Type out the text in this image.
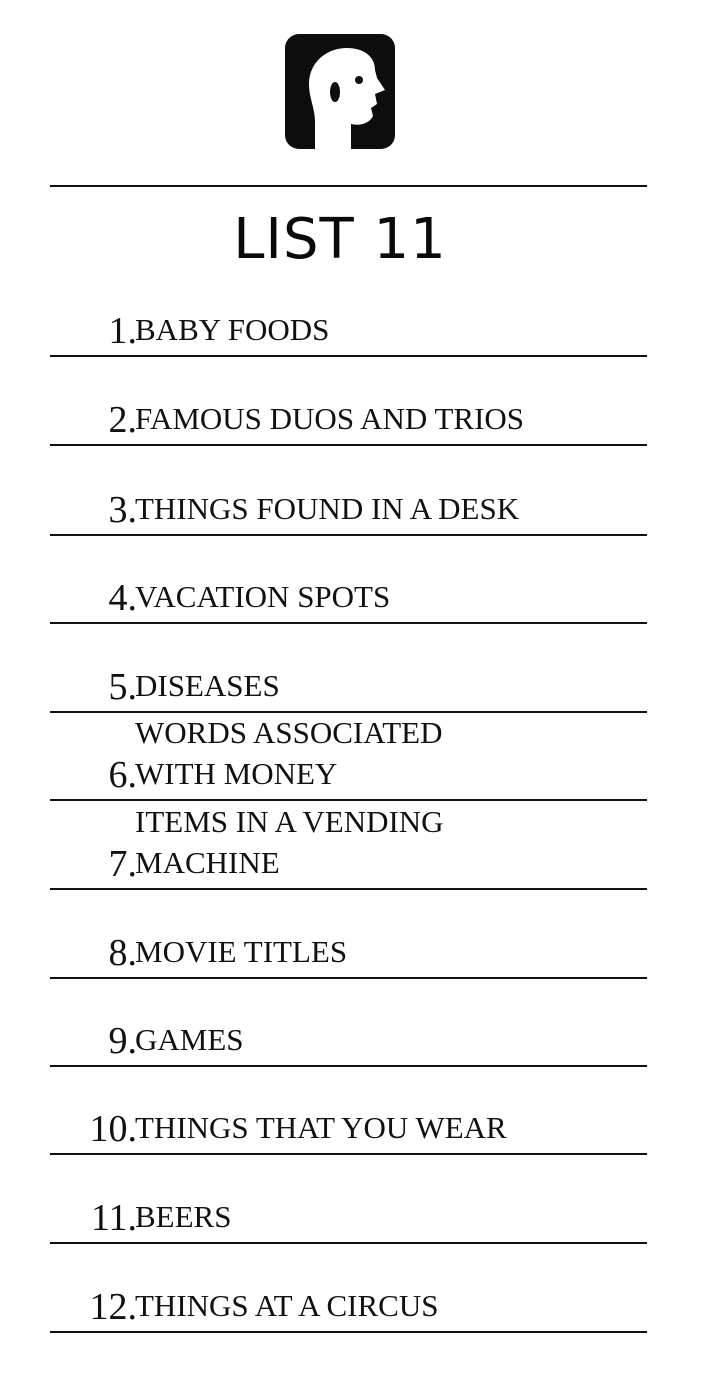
LIST 11
1.
BABY FOODS
2.
FAMOUS DUOS AND TRIOS
3.
THINGS FOUND IN A DESK
4.
VACATION SPOTS
5.
DISEASES
6.
WORDS ASSOCIATED
WITH MONEY
7.
ITEMS IN A VENDING
MACHINE
8.
MOVIE TITLES
9.
GAMES
10.
THINGS THAT YOU WEAR
11.
BEERS
12.
THINGS AT A CIRCUS
